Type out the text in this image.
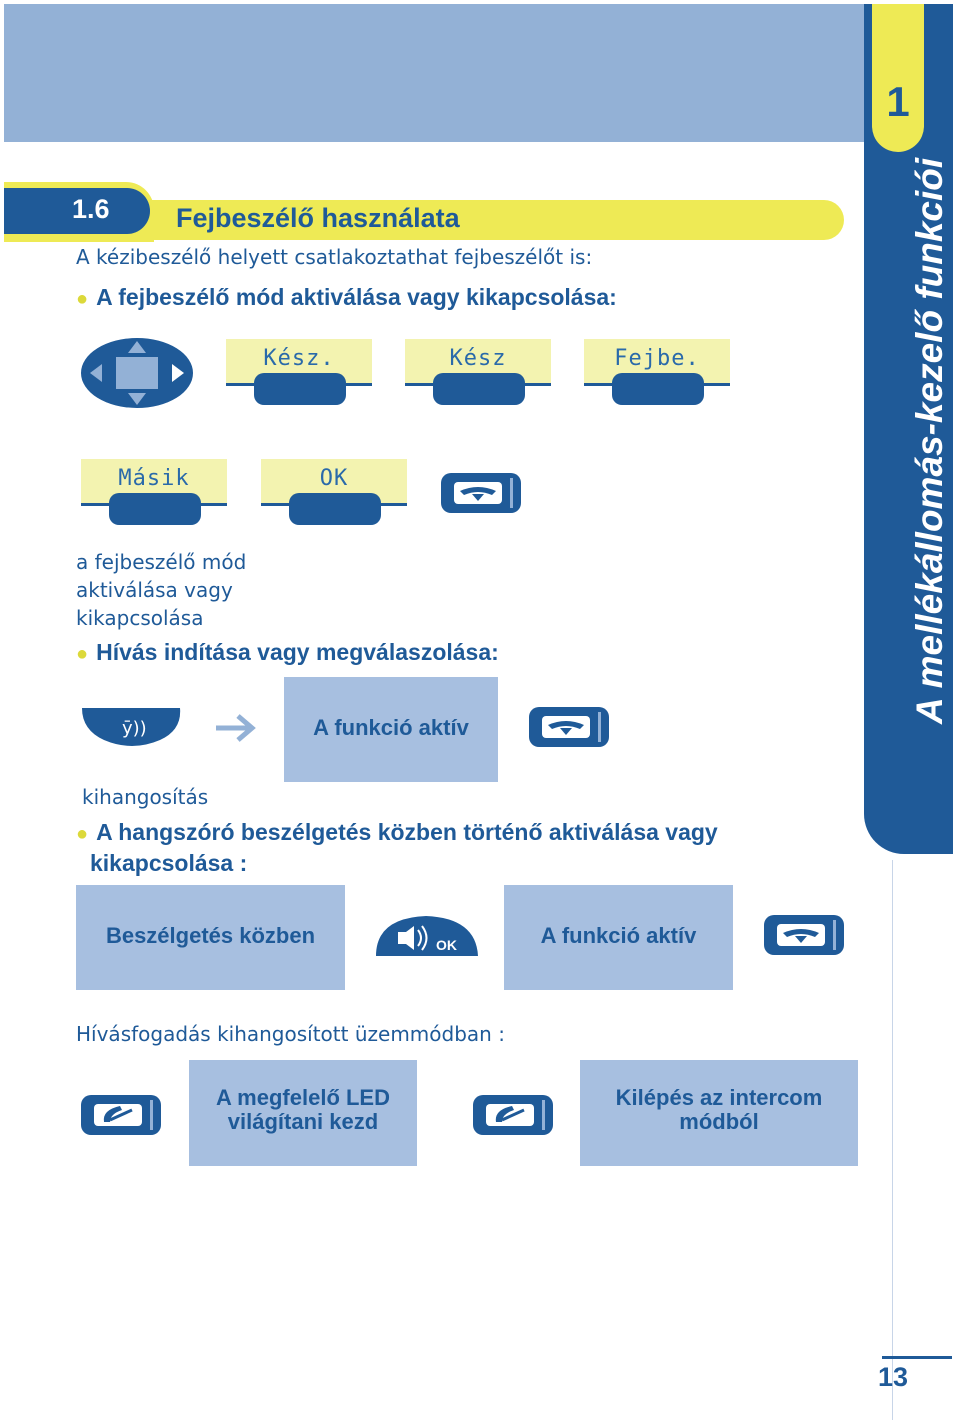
1
A mellékállomás-kezelő funkciói
1.6 Fejbeszélő használata
A kézibeszélő helyett csatlakoztathat fejbeszélőt is:
● A fejbeszélő mód aktiválása vagy kikapcsolása:
Kész.	Kész	Fejbe.
Másik	OK
a fejbeszélő mód
aktiválása vagy
kikapcsolása
● Hívás indítása vagy megválaszolása:
ȳ))	A funkció aktív
kihangosítás
● A hangszóró beszélgetés közben történő aktiválása vagy
kikapcsolása :
Beszélgetés közben	OK	A funkció aktív
Hívásfogadás kihangosított üzemmódban :
A megfelelő LED
világítani kezd
Kilépés az intercom
módból
13
